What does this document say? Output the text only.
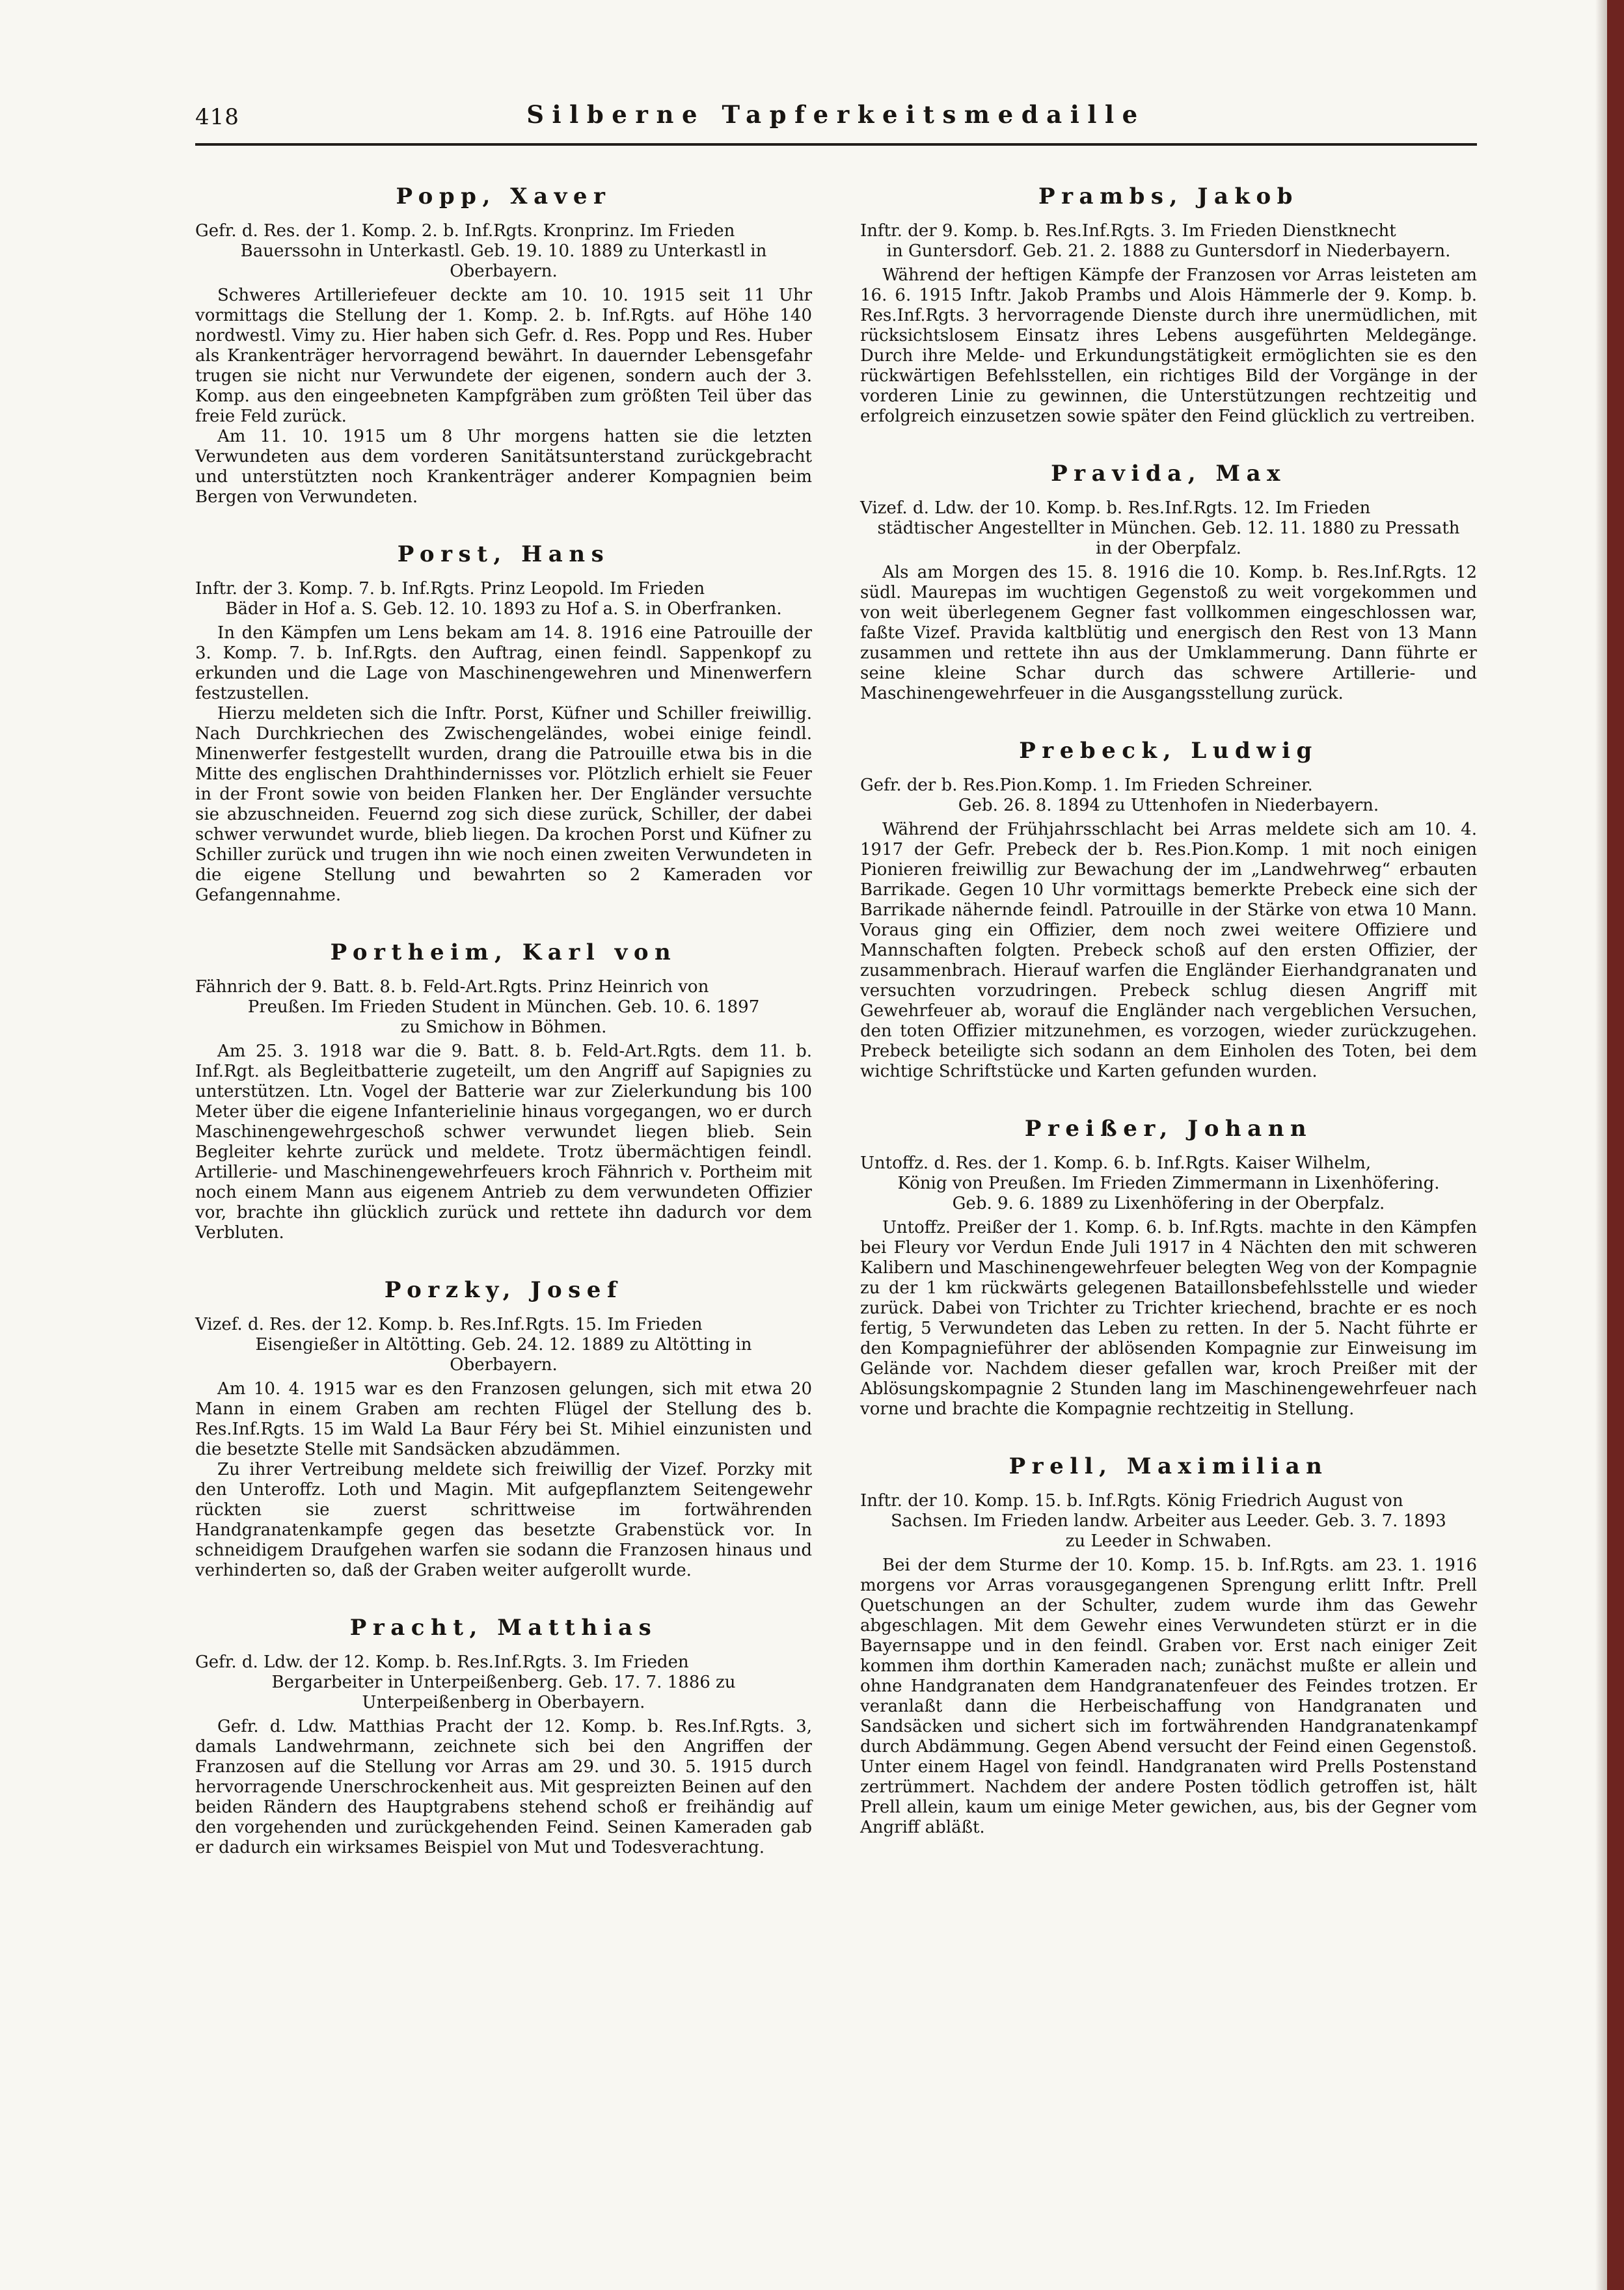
418	Silberne Tapferkeitsmedaille
Popp, Xaver
Gefr. d. Res. der 1. Komp. 2. b. Inf.Rgts. Kronprinz. Im Frieden
Bauerssohn in Unterkastl. Geb. 19. 10. 1889 zu Unterkastl in
Oberbayern.

Schweres Artilleriefeuer deckte am 10. 10. 1915 seit 11 Uhr vormittags die Stellung der 1. Komp. 2. b. Inf.Rgts. auf Höhe 140 nordwestl. Vimy zu. Hier haben sich Gefr. d. Res. Popp und Res. Huber als Krankenträger hervorragend bewährt. In dauernder Lebensgefahr trugen sie nicht nur Verwundete der eigenen, sondern auch der 3. Komp. aus den eingeebneten Kampfgräben zum größten Teil über das freie Feld zurück.

Am 11. 10. 1915 um 8 Uhr morgens hatten sie die letzten Verwundeten aus dem vorderen Sanitätsunterstand zurückgebracht und unterstützten noch Krankenträger anderer Kompagnien beim Bergen von Verwundeten.

Porst, Hans
Inftr. der 3. Komp. 7. b. Inf.Rgts. Prinz Leopold. Im Frieden
Bäder in Hof a. S. Geb. 12. 10. 1893 zu Hof a. S. in Oberfranken.

In den Kämpfen um Lens bekam am 14. 8. 1916 eine Patrouille der 3. Komp. 7. b. Inf.Rgts. den Auftrag, einen feindl. Sappenkopf zu erkunden und die Lage von Maschinengewehren und Minenwerfern festzustellen.

Hierzu meldeten sich die Inftr. Porst, Küfner und Schiller freiwillig. Nach Durchkriechen des Zwischengeländes, wobei einige feindl. Minenwerfer festgestellt wurden, drang die Patrouille etwa bis in die Mitte des englischen Drahthindernisses vor. Plötzlich erhielt sie Feuer in der Front sowie von beiden Flanken her. Der Engländer versuchte sie abzuschneiden. Feuernd zog sich diese zurück, Schiller, der dabei schwer verwundet wurde, blieb liegen. Da krochen Porst und Küfner zu Schiller zurück und trugen ihn wie noch einen zweiten Verwundeten in die eigene Stellung und bewahrten so 2 Kameraden vor Gefangennahme.

Portheim, Karl von
Fähnrich der 9. Batt. 8. b. Feld-Art.Rgts. Prinz Heinrich von
Preußen. Im Frieden Student in München. Geb. 10. 6. 1897
zu Smichow in Böhmen.

Am 25. 3. 1918 war die 9. Batt. 8. b. Feld-Art.Rgts. dem 11. b. Inf.Rgt. als Begleitbatterie zugeteilt, um den Angriff auf Sapignies zu unterstützen. Ltn. Vogel der Batterie war zur Zielerkundung bis 100 Meter über die eigene Infanterielinie hinaus vorgegangen, wo er durch Maschinengewehrgeschoß schwer verwundet liegen blieb. Sein Begleiter kehrte zurück und meldete. Trotz übermächtigen feindl. Artillerie- und Maschinengewehrfeuers kroch Fähnrich v. Portheim mit noch einem Mann aus eigenem Antrieb zu dem verwundeten Offizier vor, brachte ihn glücklich zurück und rettete ihn dadurch vor dem Verbluten.

Porzky, Josef
Vizef. d. Res. der 12. Komp. b. Res.Inf.Rgts. 15. Im Frieden
Eisengießer in Altötting. Geb. 24. 12. 1889 zu Altötting in
Oberbayern.

Am 10. 4. 1915 war es den Franzosen gelungen, sich mit etwa 20 Mann in einem Graben am rechten Flügel der Stellung des b. Res.Inf.Rgts. 15 im Wald La Baur Féry bei St. Mihiel einzunisten und die besetzte Stelle mit Sandsäcken abzudämmen.

Zu ihrer Vertreibung meldete sich freiwillig der Vizef. Porzky mit den Unteroffz. Loth und Magin. Mit aufgepflanztem Seitengewehr rückten sie zuerst schrittweise im fortwährenden Handgranatenkampfe gegen das besetzte Grabenstück vor. In schneidigem Draufgehen warfen sie sodann die Franzosen hinaus und verhinderten so, daß der Graben weiter aufgerollt wurde.

Pracht, Matthias
Gefr. d. Ldw. der 12. Komp. b. Res.Inf.Rgts. 3. Im Frieden
Bergarbeiter in Unterpeißenberg. Geb. 17. 7. 1886 zu
Unterpeißenberg in Oberbayern.

Gefr. d. Ldw. Matthias Pracht der 12. Komp. b. Res.Inf.Rgts. 3, damals Landwehrmann, zeichnete sich bei den Angriffen der Franzosen auf die Stellung vor Arras am 29. und 30. 5. 1915 durch hervorragende Unerschrockenheit aus. Mit gespreizten Beinen auf den beiden Rändern des Hauptgrabens stehend schoß er freihändig auf den vorgehenden und zurückgehenden Feind. Seinen Kameraden gab er dadurch ein wirksames Beispiel von Mut und Todesverachtung.

Prambs, Jakob
Inftr. der 9. Komp. b. Res.Inf.Rgts. 3. Im Frieden Dienstknecht
in Guntersdorf. Geb. 21. 2. 1888 zu Guntersdorf in Niederbayern.

Während der heftigen Kämpfe der Franzosen vor Arras leisteten am 16. 6. 1915 Inftr. Jakob Prambs und Alois Hämmerle der 9. Komp. b. Res.Inf.Rgts. 3 hervorragende Dienste durch ihre unermüdlichen, mit rücksichtslosem Einsatz ihres Lebens ausgeführten Meldegänge. Durch ihre Melde- und Erkundungstätigkeit ermöglichten sie es den rückwärtigen Befehlsstellen, ein richtiges Bild der Vorgänge in der vorderen Linie zu gewinnen, die Unterstützungen rechtzeitig und erfolgreich einzusetzen sowie später den Feind glücklich zu vertreiben.

Pravida, Max
Vizef. d. Ldw. der 10. Komp. b. Res.Inf.Rgts. 12. Im Frieden
städtischer Angestellter in München. Geb. 12. 11. 1880 zu Pressath
in der Oberpfalz.

Als am Morgen des 15. 8. 1916 die 10. Komp. b. Res.Inf.Rgts. 12 südl. Maurepas im wuchtigen Gegenstoß zu weit vorgekommen und von weit überlegenem Gegner fast vollkommen eingeschlossen war, faßte Vizef. Pravida kaltblütig und energisch den Rest von 13 Mann zusammen und rettete ihn aus der Umklammerung. Dann führte er seine kleine Schar durch das schwere Artillerie- und Maschinengewehrfeuer in die Ausgangsstellung zurück.

Prebeck, Ludwig
Gefr. der b. Res.Pion.Komp. 1. Im Frieden Schreiner.
Geb. 26. 8. 1894 zu Uttenhofen in Niederbayern.

Während der Frühjahrsschlacht bei Arras meldete sich am 10. 4. 1917 der Gefr. Prebeck der b. Res.Pion.Komp. 1 mit noch einigen Pionieren freiwillig zur Bewachung der im „Landwehrweg“ erbauten Barrikade. Gegen 10 Uhr vormittags bemerkte Prebeck eine sich der Barrikade nähernde feindl. Patrouille in der Stärke von etwa 10 Mann. Voraus ging ein Offizier, dem noch zwei weitere Offiziere und Mannschaften folgten. Prebeck schoß auf den ersten Offizier, der zusammenbrach. Hierauf warfen die Engländer Eierhandgranaten und versuchten vorzudringen. Prebeck schlug diesen Angriff mit Gewehrfeuer ab, worauf die Engländer nach vergeblichen Versuchen, den toten Offizier mitzunehmen, es vorzogen, wieder zurückzugehen. Prebeck beteiligte sich sodann an dem Einholen des Toten, bei dem wichtige Schriftstücke und Karten gefunden wurden.

Preißer, Johann
Untoffz. d. Res. der 1. Komp. 6. b. Inf.Rgts. Kaiser Wilhelm,
König von Preußen. Im Frieden Zimmermann in Lixenhöfering.
Geb. 9. 6. 1889 zu Lixenhöfering in der Oberpfalz.

Untoffz. Preißer der 1. Komp. 6. b. Inf.Rgts. machte in den Kämpfen bei Fleury vor Verdun Ende Juli 1917 in 4 Nächten den mit schweren Kalibern und Maschinengewehrfeuer belegten Weg von der Kompagnie zu der 1 km rückwärts gelegenen Bataillonsbefehlsstelle und wieder zurück. Dabei von Trichter zu Trichter kriechend, brachte er es noch fertig, 5 Verwundeten das Leben zu retten. In der 5. Nacht führte er den Kompagnieführer der ablösenden Kompagnie zur Einweisung im Gelände vor. Nachdem dieser gefallen war, kroch Preißer mit der Ablösungskompagnie 2 Stunden lang im Maschinengewehrfeuer nach vorne und brachte die Kompagnie rechtzeitig in Stellung.

Prell, Maximilian
Inftr. der 10. Komp. 15. b. Inf.Rgts. König Friedrich August von
Sachsen. Im Frieden landw. Arbeiter aus Leeder. Geb. 3. 7. 1893
zu Leeder in Schwaben.

Bei der dem Sturme der 10. Komp. 15. b. Inf.Rgts. am 23. 1. 1916 morgens vor Arras vorausgegangenen Sprengung erlitt Inftr. Prell Quetschungen an der Schulter, zudem wurde ihm das Gewehr abgeschlagen. Mit dem Gewehr eines Verwundeten stürzt er in die Bayernsappe und in den feindl. Graben vor. Erst nach einiger Zeit kommen ihm dorthin Kameraden nach; zunächst mußte er allein und ohne Handgranaten dem Handgranatenfeuer des Feindes trotzen. Er veranlaßt dann die Herbeischaffung von Handgranaten und Sandsäcken und sichert sich im fortwährenden Handgranatenkampf durch Abdämmung. Gegen Abend versucht der Feind einen Gegenstoß. Unter einem Hagel von feindl. Handgranaten wird Prells Postenstand zertrümmert. Nachdem der andere Posten tödlich getroffen ist, hält Prell allein, kaum um einige Meter gewichen, aus, bis der Gegner vom Angriff abläßt.
